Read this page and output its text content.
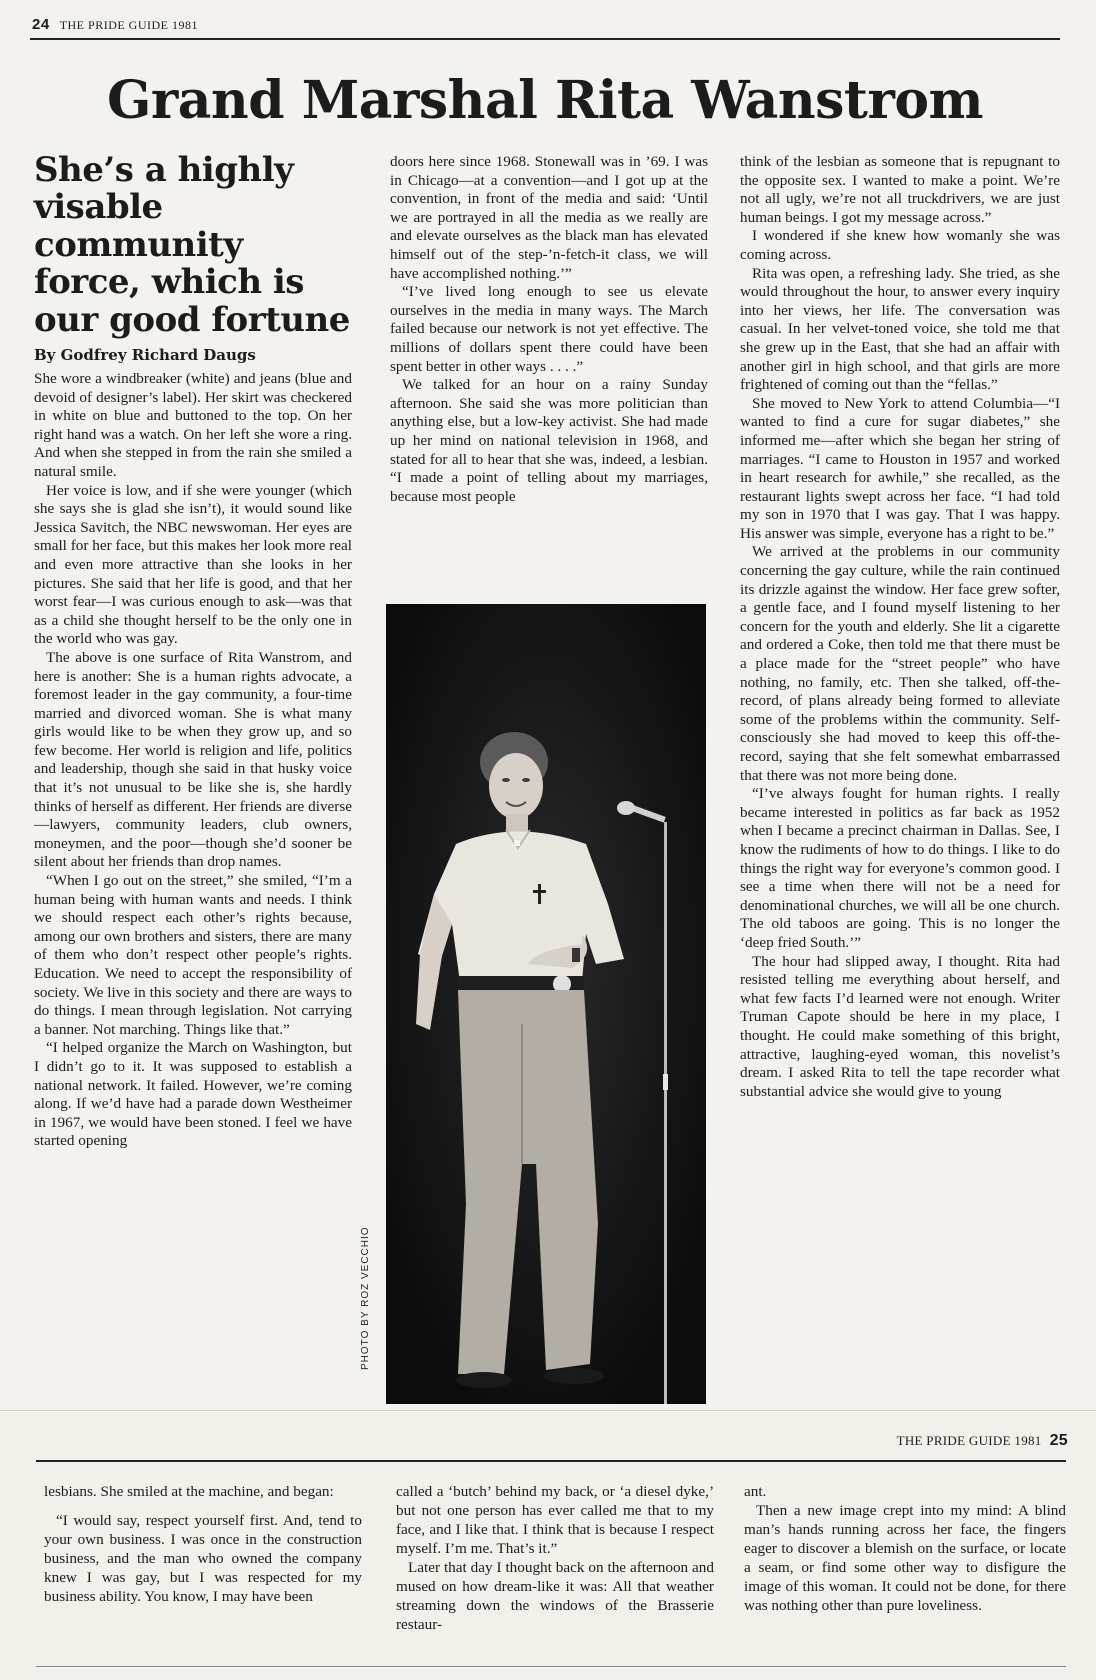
24 THE PRIDE GUIDE 1981
Grand Marshal Rita Wanstrom
She’s a highly visable community force, which is our good fortune
By Godfrey Richard Daugs

She wore a windbreaker (white) and jeans (blue and devoid of designer’s label). Her skirt was checkered in white on blue and buttoned to the top. On her right hand was a watch. On her left she wore a ring. And when she stepped in from the rain she smiled a natural smile.

Her voice is low, and if she were younger (which she says she is glad she isn’t), it would sound like Jessica Savitch, the NBC newswoman. Her eyes are small for her face, but this makes her look more real and even more attractive than she looks in her pictures. She said that her life is good, and that her worst fear—I was curious enough to ask—was that as a child she thought herself to be the only one in the world who was gay.

The above is one surface of Rita Wanstrom, and here is another: She is a human rights advocate, a foremost leader in the gay community, a four-time married and divorced woman. She is what many girls would like to be when they grow up, and so few become. Her world is religion and life, politics and leadership, though she said in that husky voice that it’s not unusual to be like she is, she hardly thinks of herself as different. Her friends are diverse—lawyers, community leaders, club owners, moneymen, and the poor—though she’d sooner be silent about her friends than drop names.

“When I go out on the street,” she smiled, “I’m a human being with human wants and needs. I think we should respect each other’s rights because, among our own brothers and sisters, there are many of them who don’t respect other people’s rights. Education. We need to accept the responsibility of society. We live in this society and there are ways to do things. I mean through legislation. Not carrying a banner. Not marching. Things like that.”

“I helped organize the March on Washington, but I didn’t go to it. It was supposed to establish a national network. It failed. However, we’re coming along. If we’d have had a parade down Westheimer in 1967, we would have been stoned. I feel we have started opening

doors here since 1968. Stonewall was in ’69. I was in Chicago—at a convention—and I got up at the convention, in front of the media and said: ‘Until we are portrayed in all the media as we really are and elevate ourselves as the black man has elevated himself out of the step-’n-fetch-it class, we will have accomplished nothing.’”

“I’ve lived long enough to see us elevate ourselves in the media in many ways. The March failed because our network is not yet effective. The millions of dollars spent there could have been spent better in other ways . . . .”

We talked for an hour on a rainy Sunday afternoon. She said she was more politician than anything else, but a low-key activist. She had made up her mind on national television in 1968, and stated for all to hear that she was, indeed, a lesbian. “I made a point of telling about my marriages, because most people

PHOTO BY ROZ VECCHIO

think of the lesbian as someone that is repugnant to the opposite sex. I wanted to make a point. We’re not all ugly, we’re not all truckdrivers, we are just human beings. I got my message across.”

I wondered if she knew how womanly she was coming across.

Rita was open, a refreshing lady. She tried, as she would throughout the hour, to answer every inquiry into her views, her life. The conversation was casual. In her velvet-toned voice, she told me that she grew up in the East, that she had an affair with another girl in high school, and that girls are more frightened of coming out than the “fellas.”

She moved to New York to attend Columbia—“I wanted to find a cure for sugar diabetes,” she informed me—after which she began her string of marriages. “I came to Houston in 1957 and worked in heart research for awhile,” she recalled, as the restaurant lights swept across her face. “I had told my son in 1970 that I was gay. That I was happy. His answer was simple, everyone has a right to be.”

We arrived at the problems in our community concerning the gay culture, while the rain continued its drizzle against the window. Her face grew softer, a gentle face, and I found myself listening to her concern for the youth and elderly. She lit a cigarette and ordered a Coke, then told me that there must be a place made for the “street people” who have nothing, no family, etc. Then she talked, off-the-record, of plans already being formed to alleviate some of the problems within the community. Self-consciously she had moved to keep this off-the-record, saying that she felt somewhat embarrassed that there was not more being done.

“I’ve always fought for human rights. I really became interested in politics as far back as 1952 when I became a precinct chairman in Dallas. See, I know the rudiments of how to do things. I like to do things the right way for everyone’s common good. I see a time when there will not be a need for denominational churches, we will all be one church. The old taboos are going. This is no longer the ‘deep fried South.’”

The hour had slipped away, I thought. Rita had resisted telling me everything about herself, and what few facts I’d learned were not enough. Writer Truman Capote should be here in my place, I thought. He could make something of this bright, attractive, laughing-eyed woman, this novelist’s dream. I asked Rita to tell the tape recorder what substantial advice she would give to young

THE PRIDE GUIDE 1981 25

lesbians. She smiled at the machine, and began:

“I would say, respect yourself first. And, tend to your own business. I was once in the construction business, and the man who owned the company knew I was gay, but I was respected for my business ability. You know, I may have been

called a ‘butch’ behind my back, or ‘a diesel dyke,’ but not one person has ever called me that to my face, and I like that. I think that is because I respect myself. I’m me. That’s it.”

Later that day I thought back on the afternoon and mused on how dream-like it was: All that weather streaming down the windows of the Brasserie restaur-

ant.

Then a new image crept into my mind: A blind man’s hands running across her face, the fingers eager to discover a blemish on the surface, or locate a seam, or find some other way to disfigure the image of this woman. It could not be done, for there was nothing other than pure loveliness.
